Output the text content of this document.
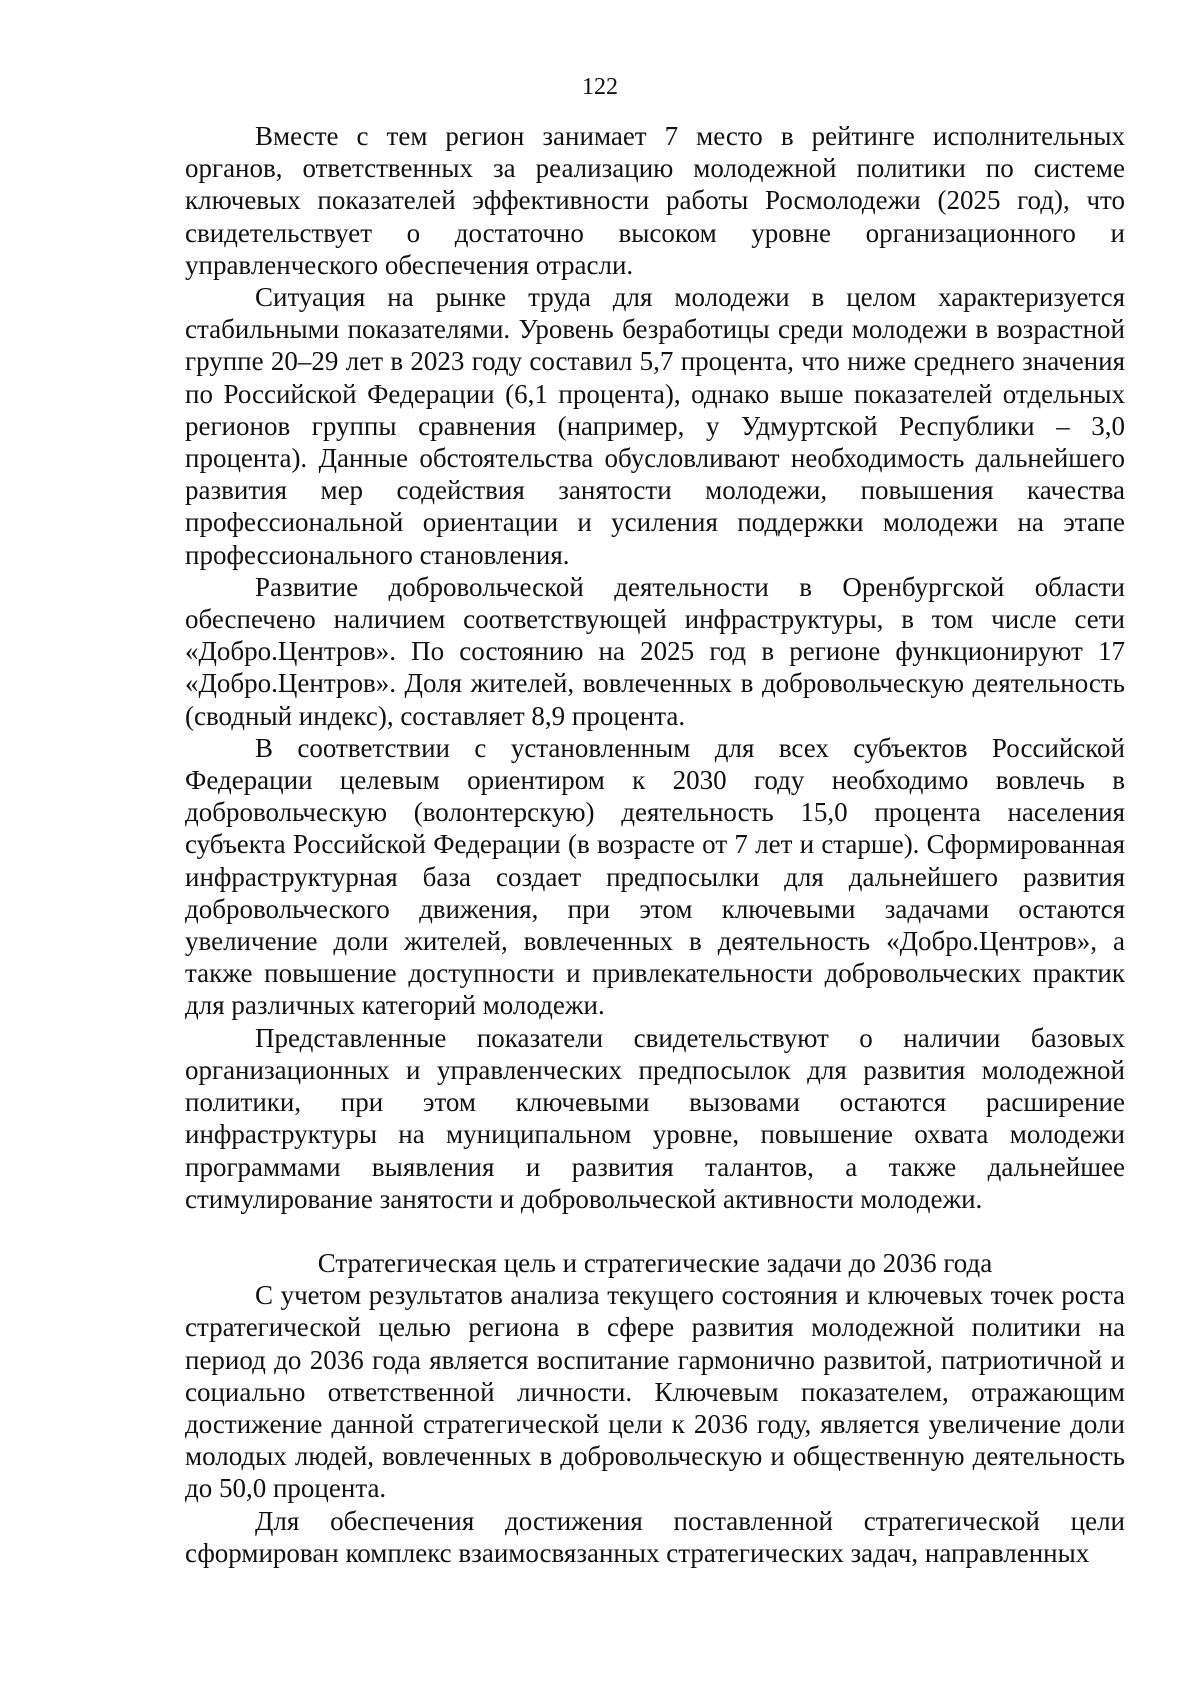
122

Вместе с тем регион занимает 7 место в рейтинге исполнительных органов, ответственных за реализацию молодежной политики по системе ключевых показателей эффективности работы Росмолодежи (2025 год), что свидетельствует о достаточно высоком уровне организационного и управленческого обеспечения отрасли.

Ситуация на рынке труда для молодежи в целом характеризуется стабильными показателями. Уровень безработицы среди молодежи в возрастной группе 20–29 лет в 2023 году составил 5,7 процента, что ниже среднего значения по Российской Федерации (6,1 процента), однако выше показателей отдельных регионов группы сравнения (например, у Удмуртской Республики – 3,0 процента). Данные обстоятельства обусловливают необходимость дальнейшего развития мер содействия занятости молодежи, повышения качества профессиональной ориентации и усиления поддержки молодежи на этапе профессионального становления.

Развитие добровольческой деятельности в Оренбургской области обеспечено наличием соответствующей инфраструктуры, в том числе сети «Добро.Центров». По состоянию на 2025 год в регионе функционируют 17 «Добро.Центров». Доля жителей, вовлеченных в добровольческую деятельность (сводный индекс), составляет 8,9 процента.

В соответствии с установленным для всех субъектов Российской Федерации целевым ориентиром к 2030 году необходимо вовлечь в добровольческую (волонтерскую) деятельность 15,0 процента населения субъекта Российской Федерации (в возрасте от 7 лет и старше). Сформированная инфраструктурная база создает предпосылки для дальнейшего развития добровольческого движения, при этом ключевыми задачами остаются увеличение доли жителей, вовлеченных в деятельность «Добро.Центров», а также повышение доступности и привлекательности добровольческих практик для различных категорий молодежи.

Представленные показатели свидетельствуют о наличии базовых организационных и управленческих предпосылок для развития молодежной политики, при этом ключевыми вызовами остаются расширение инфраструктуры на муниципальном уровне, повышение охвата молодежи программами выявления и развития талантов, а также дальнейшее стимулирование занятости и добровольческой активности молодежи.

Стратегическая цель и стратегические задачи до 2036 года

С учетом результатов анализа текущего состояния и ключевых точек роста стратегической целью региона в сфере развития молодежной политики на период до 2036 года является воспитание гармонично развитой, патриотичной и социально ответственной личности. Ключевым показателем, отражающим достижение данной стратегической цели к 2036 году, является увеличение доли молодых людей, вовлеченных в добровольческую и общественную деятельность до 50,0 процента.

Для обеспечения достижения поставленной стратегической цели сформирован комплекс взаимосвязанных стратегических задач, направленных
